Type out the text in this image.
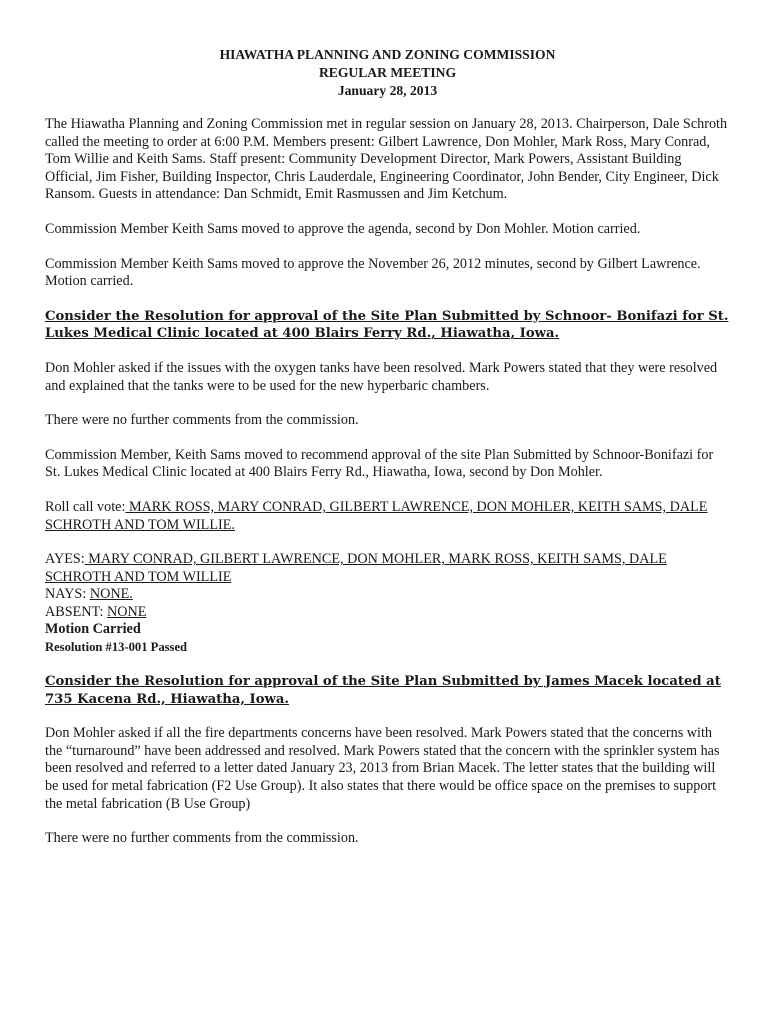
HIAWATHA PLANNING AND ZONING COMMISSION
REGULAR MEETING
January 28, 2013

The Hiawatha Planning and Zoning Commission met in regular session on January 28, 2013. Chairperson, Dale Schroth called the meeting to order at 6:00 P.M. Members present: Gilbert Lawrence, Don Mohler, Mark Ross, Mary Conrad, Tom Willie and Keith Sams. Staff present: Community Development Director, Mark Powers, Assistant Building Official, Jim Fisher, Building Inspector, Chris Lauderdale, Engineering Coordinator, John Bender, City Engineer, Dick Ransom. Guests in attendance: Dan Schmidt, Emit Rasmussen and Jim Ketchum.

Commission Member Keith Sams moved to approve the agenda, second by Don Mohler. Motion carried.

Commission Member Keith Sams moved to approve the November 26, 2012 minutes, second by Gilbert Lawrence. Motion carried.

Consider the Resolution for approval of the Site Plan Submitted by Schnoor- Bonifazi for St. Lukes Medical Clinic located at 400 Blairs Ferry Rd., Hiawatha, Iowa.

Don Mohler asked if the issues with the oxygen tanks have been resolved. Mark Powers stated that they were resolved and explained that the tanks were to be used for the new hyperbaric chambers.

There were no further comments from the commission.

Commission Member, Keith Sams moved to recommend approval of the site Plan Submitted by Schnoor-Bonifazi for St. Lukes Medical Clinic located at 400 Blairs Ferry Rd., Hiawatha, Iowa, second by Don Mohler.

Roll call vote: MARK ROSS, MARY CONRAD, GILBERT LAWRENCE, DON MOHLER, KEITH SAMS, DALE SCHROTH AND TOM WILLIE.

AYES: MARY CONRAD, GILBERT LAWRENCE, DON MOHLER, MARK ROSS, KEITH SAMS, DALE SCHROTH AND TOM WILLIE
NAYS: NONE.
ABSENT: NONE
Motion Carried
Resolution #13-001 Passed
Consider the Resolution for approval of the Site Plan Submitted by James Macek located at 735 Kacena Rd., Hiawatha, Iowa.

Don Mohler asked if all the fire departments concerns have been resolved. Mark Powers stated that the concerns with the “turnaround” have been addressed and resolved. Mark Powers stated that the concern with the sprinkler system has been resolved and referred to a letter dated January 23, 2013 from Brian Macek. The letter states that the building will be used for metal fabrication (F2 Use Group). It also states that there would be office space on the premises to support the metal fabrication (B Use Group)

There were no further comments from the commission.
